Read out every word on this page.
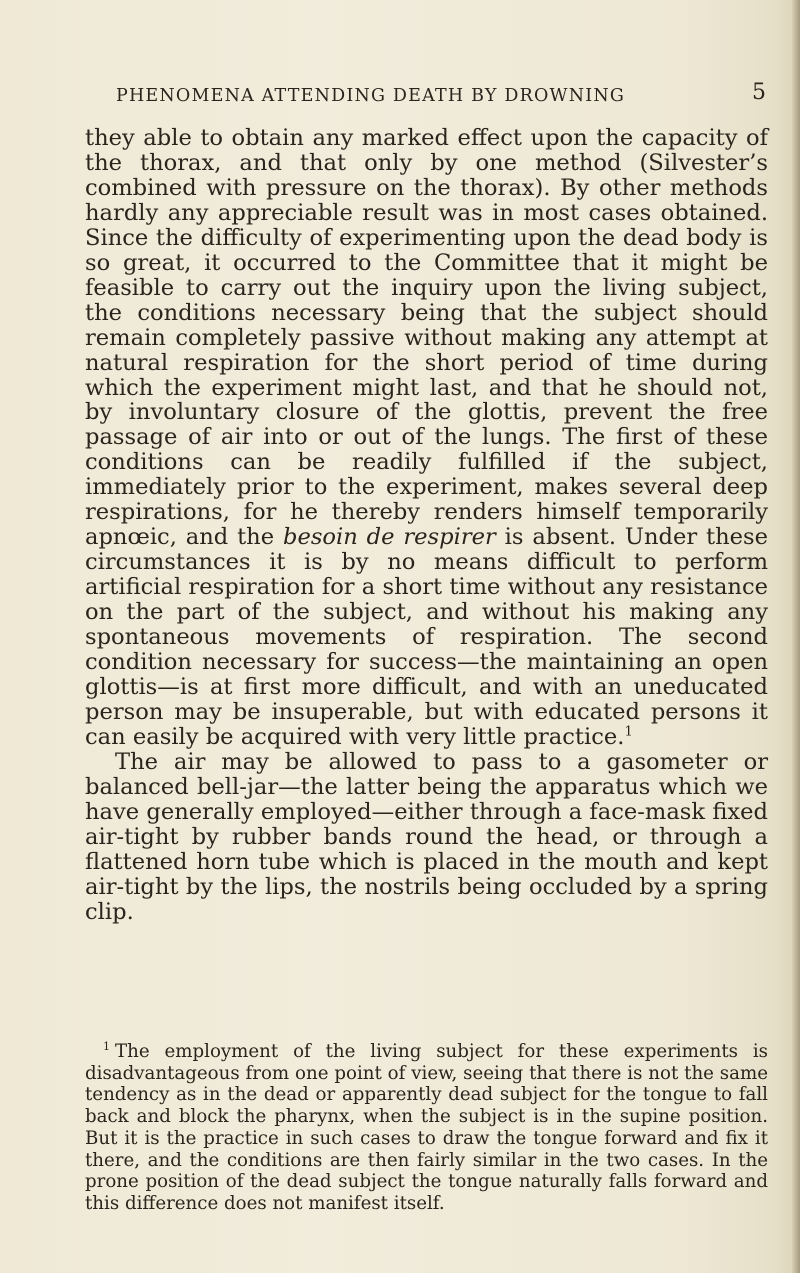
PHENOMENA ATTENDING DEATH BY DROWNING	5

they able to obtain any marked effect upon the capacity of the thorax, and that only by one method (Silvester’s combined with pressure on the thorax). By other methods hardly any appreciable result was in most cases obtained. Since the difficulty of experimenting upon the dead body is so great, it occurred to the Committee that it might be feasible to carry out the inquiry upon the living subject, the conditions necessary being that the subject should remain completely passive without making any attempt at natural respiration for the short period of time during which the experiment might last, and that he should not, by involuntary closure of the glottis, prevent the free passage of air into or out of the lungs. The first of these conditions can be readily fulfilled if the subject, immediately prior to the experiment, makes several deep respirations, for he thereby renders himself temporarily apnœic, and the besoin de respirer is absent. Under these circumstances it is by no means difficult to perform artificial respiration for a short time without any resistance on the part of the subject, and without his making any spontaneous movements of respiration. The second condition necessary for success—the maintaining an open glottis—is at first more difficult, and with an uneducated person may be insuperable, but with educated persons it can easily be acquired with very little practice.$^1$

The air may be allowed to pass to a gasometer or balanced bell-jar—the latter being the apparatus which we have generally employed—either through a face-mask fixed air-tight by rubber bands round the head, or through a flattened horn tube which is placed in the mouth and kept air-tight by the lips, the nostrils being occluded by a spring clip.

$^1$ The employment of the living subject for these experiments is disadvantageous from one point of view, seeing that there is not the same tendency as in the dead or apparently dead subject for the tongue to fall back and block the pharynx, when the subject is in the supine position. But it is the practice in such cases to draw the tongue forward and fix it there, and the conditions are then fairly similar in the two cases. In the prone position of the dead subject the tongue naturally falls forward and this difference does not manifest itself.
